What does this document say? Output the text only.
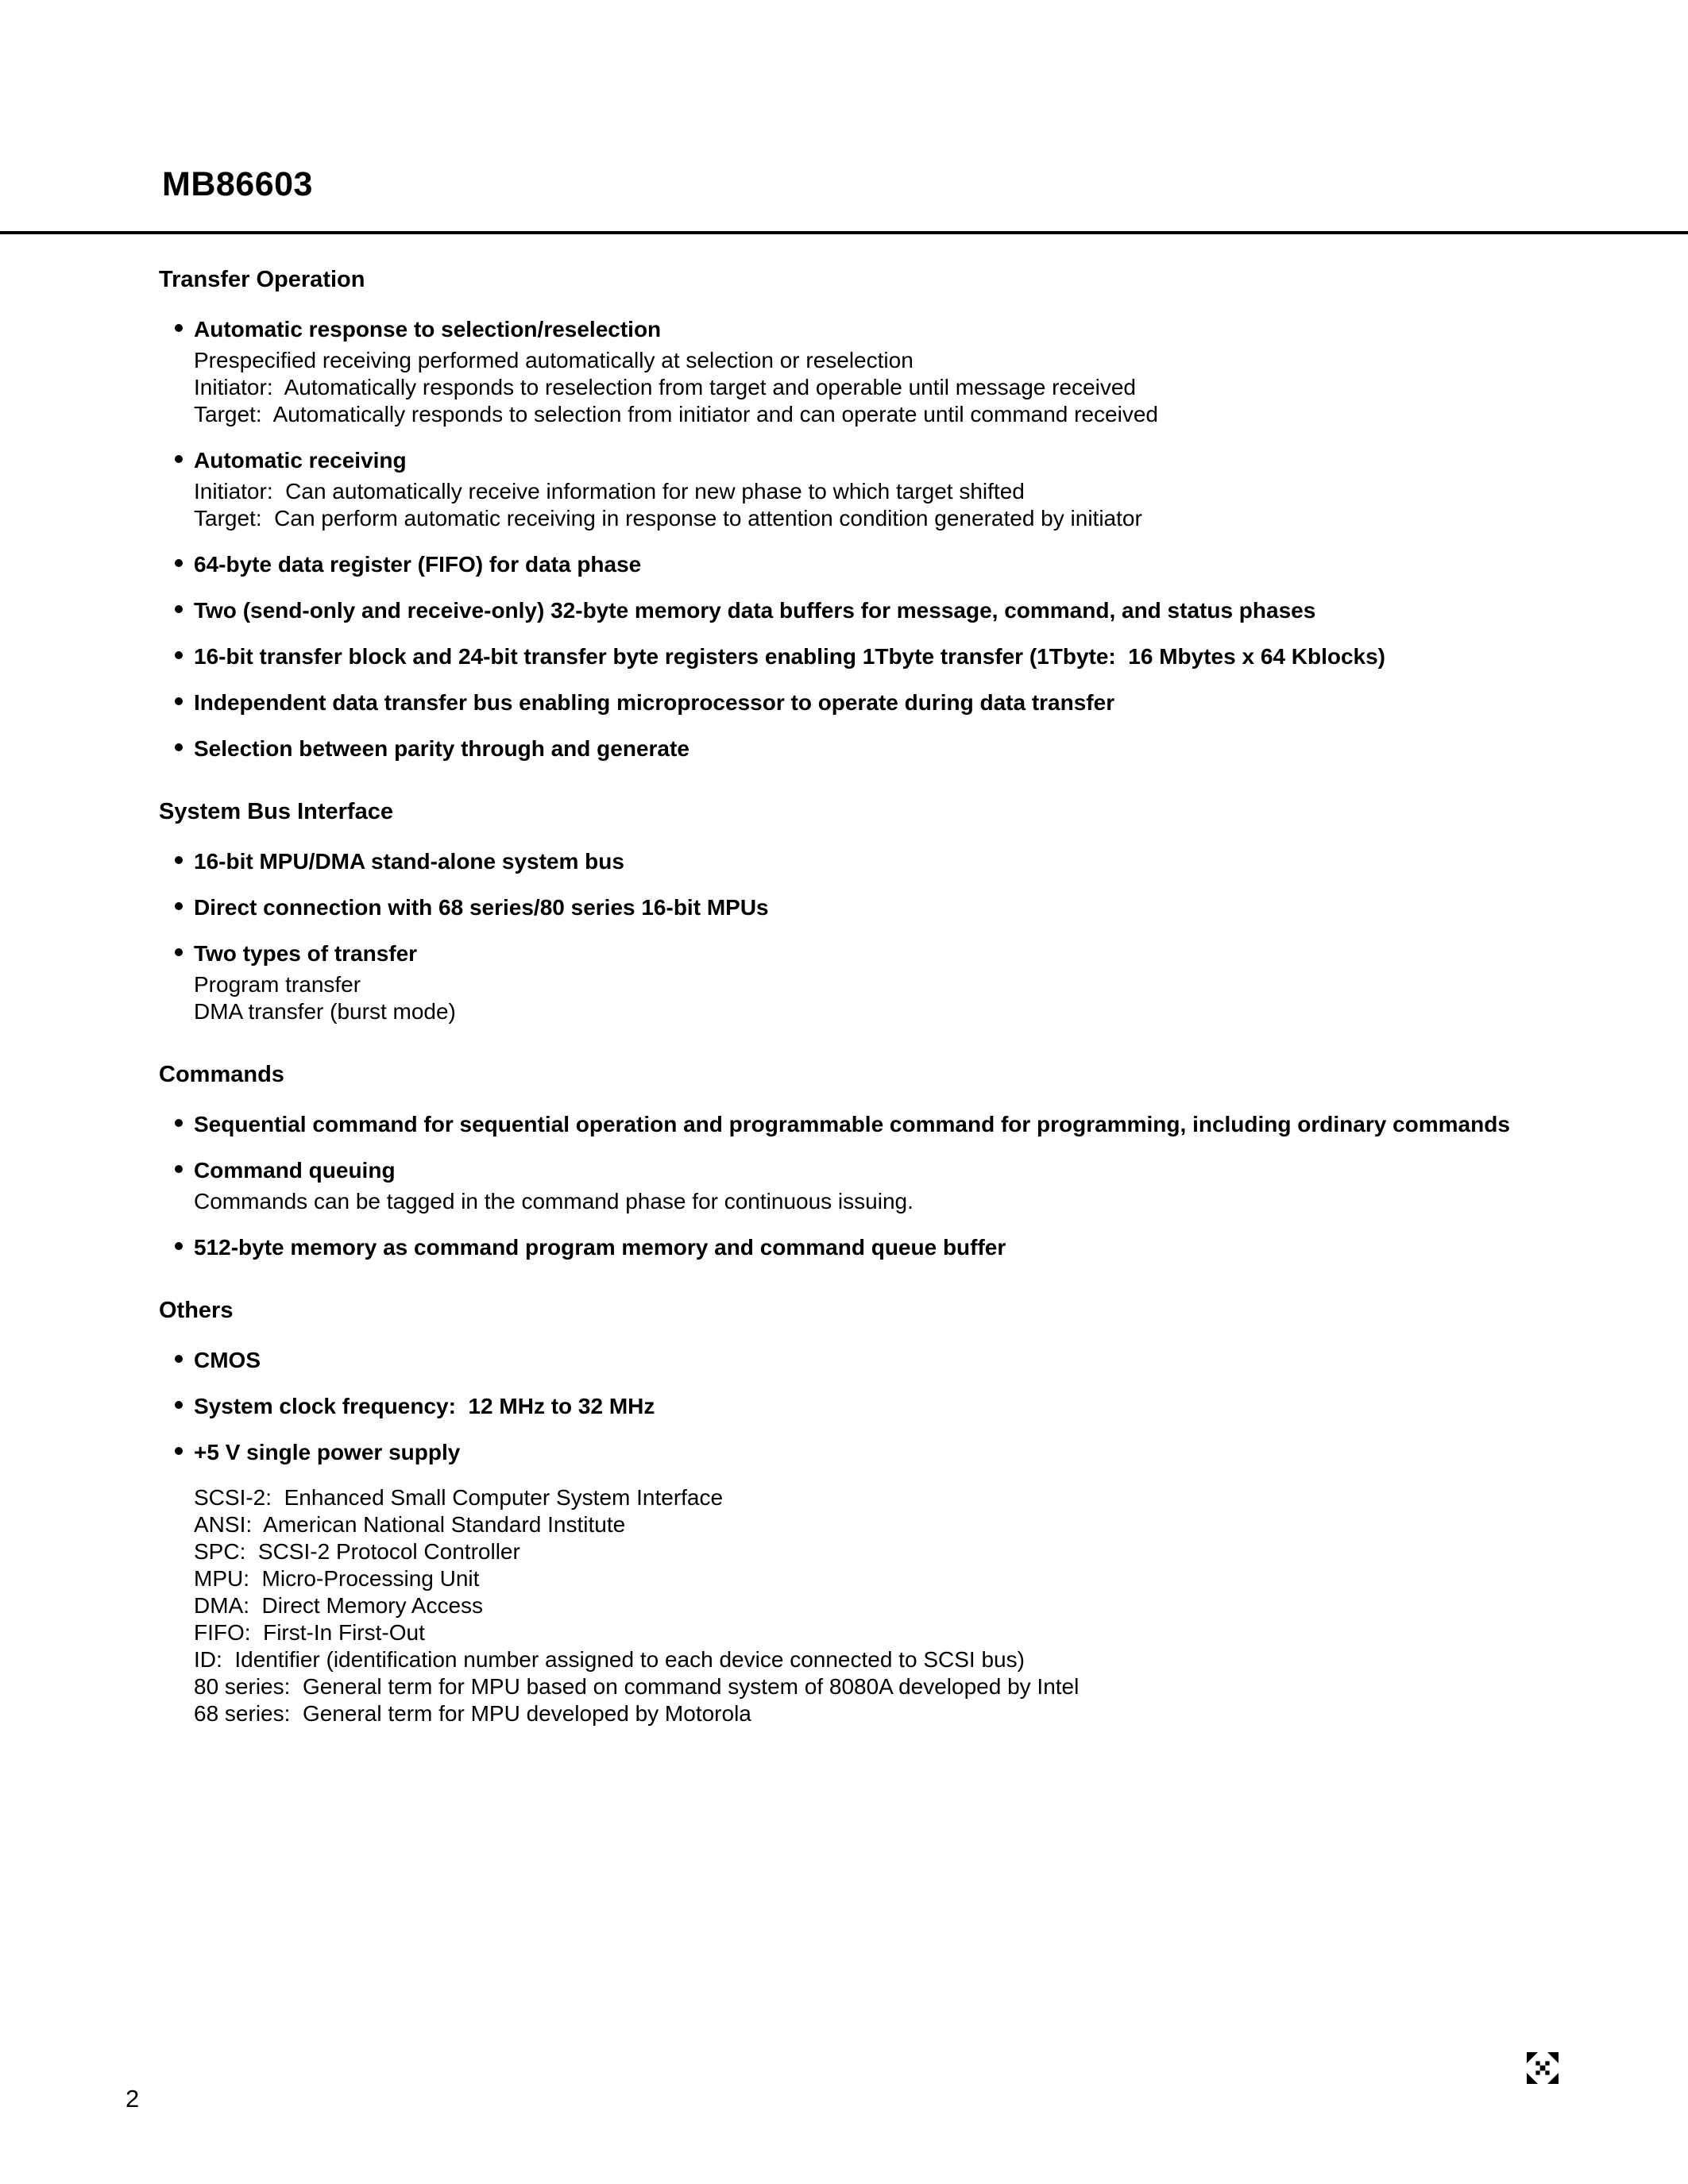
MB86603
Transfer Operation
Automatic response to selection/reselection
Prespecified receiving performed automatically at selection or reselection
Initiator:  Automatically responds to reselection from target and operable until message received
Target:  Automatically responds to selection from initiator and can operate until command received
Automatic receiving
Initiator:  Can automatically receive information for new phase to which target shifted
Target:  Can perform automatic receiving in response to attention condition generated by initiator
64-byte data register (FIFO) for data phase
Two (send-only and receive-only) 32-byte memory data buffers for message, command, and status phases
16-bit transfer block and 24-bit transfer byte registers enabling 1Tbyte transfer (1Tbyte:  16 Mbytes x 64 Kblocks)
Independent data transfer bus enabling microprocessor to operate during data transfer
Selection between parity through and generate
System Bus Interface
16-bit MPU/DMA stand-alone system bus
Direct connection with 68 series/80 series 16-bit MPUs
Two types of transfer
Program transfer
DMA transfer (burst mode)
Commands
Sequential command for sequential operation and programmable command for programming, including ordinary commands
Command queuing
Commands can be tagged in the command phase for continuous issuing.
512-byte memory as command program memory and command queue buffer
Others
CMOS
System clock frequency:  12 MHz to 32 MHz
+5 V single power supply
SCSI-2:  Enhanced Small Computer System Interface
ANSI:  American National Standard Institute
SPC:  SCSI-2 Protocol Controller
MPU:  Micro-Processing Unit
DMA:  Direct Memory Access
FIFO:  First-In First-Out
ID:  Identifier (identification number assigned to each device connected to SCSI bus)
80 series:  General term for MPU based on command system of 8080A developed by Intel
68 series:  General term for MPU developed by Motorola
2
